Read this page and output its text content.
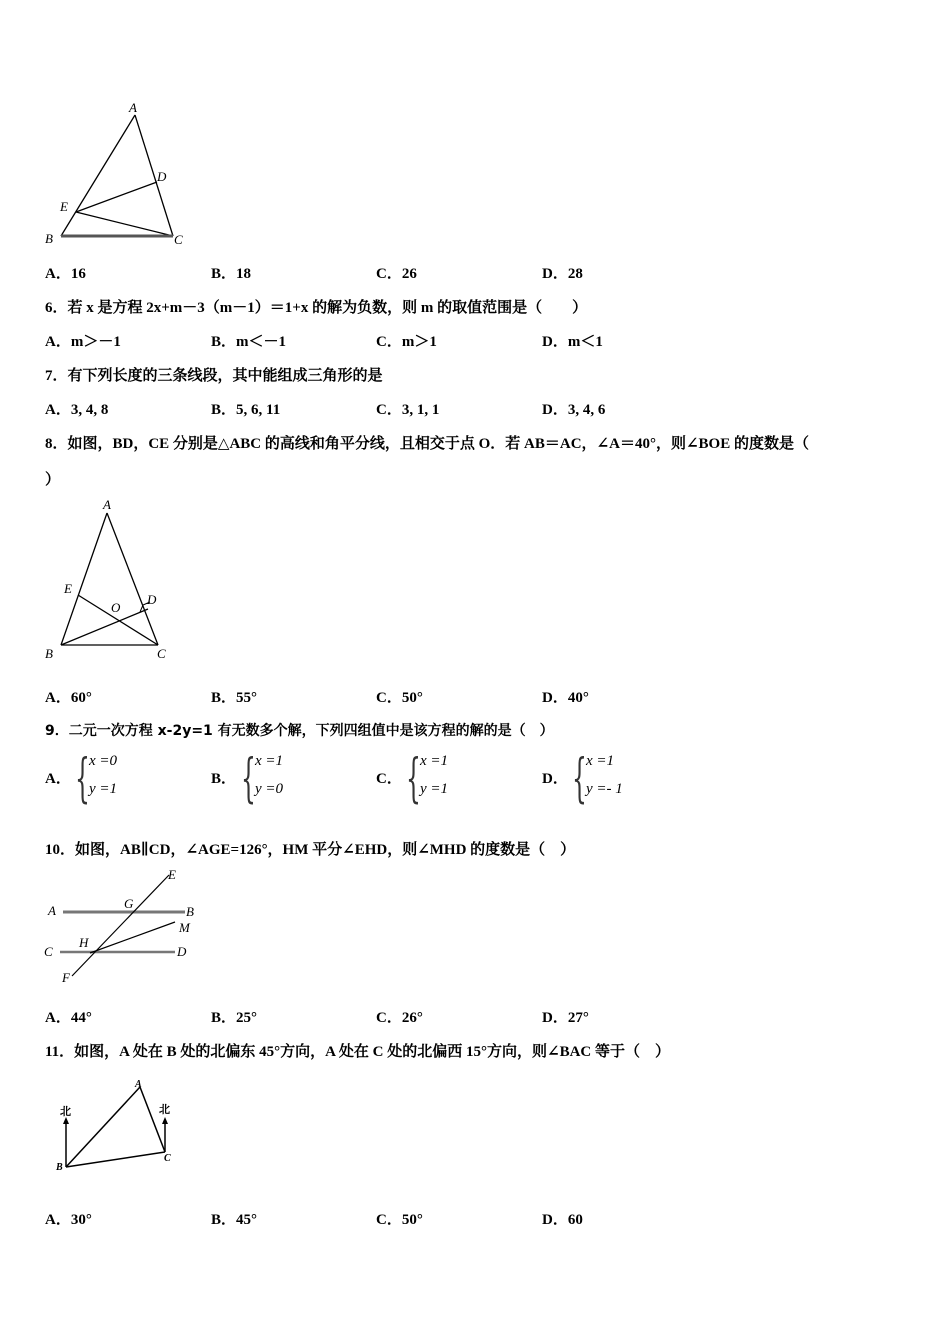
A
D
E
B	C
A．16	B．18	C．26	D．28
6．若 x 是方程 2x+m－3（m－1）＝1+x 的解为负数，则 m 的取值范围是（　　）
A．m＞－1	B．m＜－1	C．m＞1	D．m＜1
7．有下列长度的三条线段，其中能组成三角形的是
A．3, 4, 8	B．5, 6, 11	C．3, 1, 1	D．3, 4, 6
8．如图，BD，CE 分别是△ABC 的高线和角平分线，且相交于点 O．若 AB＝AC，∠A＝40°，则∠BOE 的度数是（
）
A
E
O
D
B	C
A．60°	B．55°	C．50°	D．40°
9．二元一次方程 x-2y=1 有无数多个解，下列四组值中是该方程的解的是（　）
A． { x =0
y =1
B． { x =1
y =0
C． { x =1
y =1
D． { x =1
y =- 1
10．如图，AB∥CD，∠AGE=126°，HM 平分∠EHD，则∠MHD 的度数是（　）
E
A	G
B
M
C
H
D
F
A．44°	B．25°	C．26°	D．27°
11．如图，A 处在 B 处的北偏东 45°方向，A 处在 C 处的北偏西 15°方向，则∠BAC 等于（　）
A
北	北
B
C
A．30°	B．45°	C．50°	D．60
